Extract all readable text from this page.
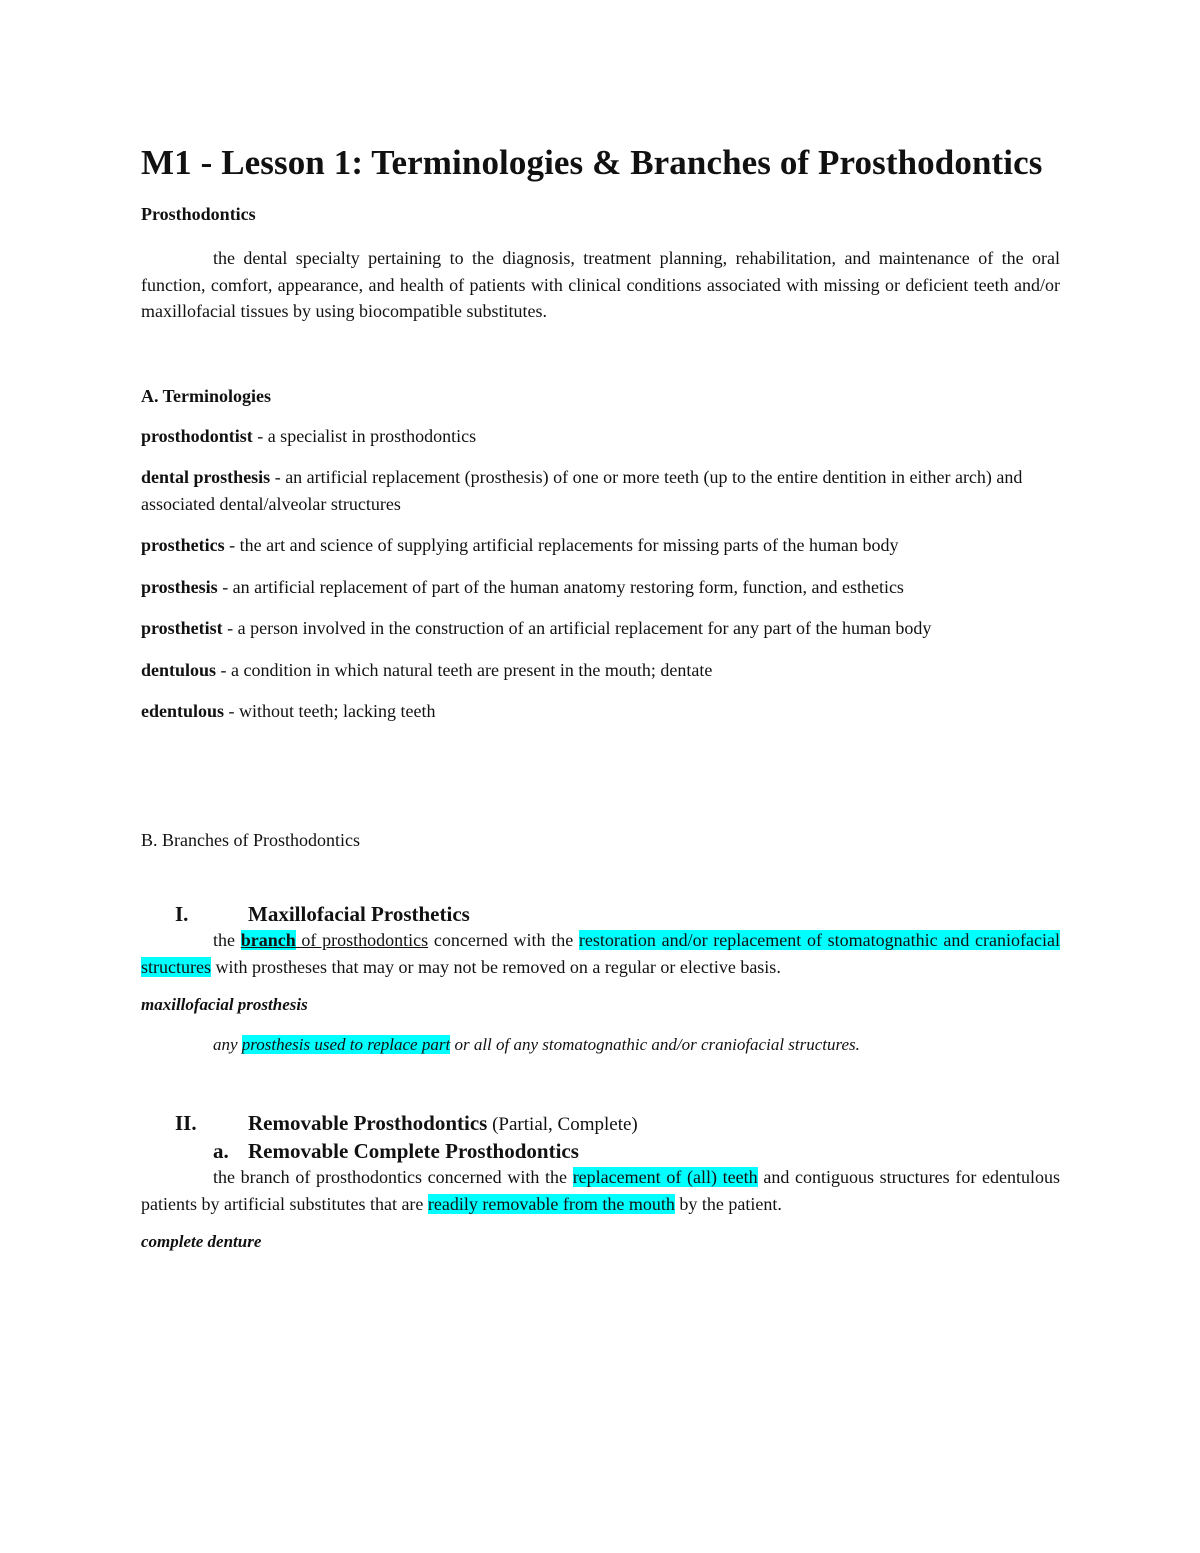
M1 - Lesson 1: Terminologies & Branches of Prosthodontics
Prosthodontics

the dental specialty pertaining to the diagnosis, treatment planning, rehabilitation, and maintenance of the oral function, comfort, appearance, and health of patients with clinical conditions associated with missing or deficient teeth and/or maxillofacial tissues by using biocompatible substitutes.

A. Terminologies

prosthodontist - a specialist in prosthodontics

dental prosthesis - an artificial replacement (prosthesis) of one or more teeth (up to the entire dentition in either arch) and associated dental/alveolar structures

prosthetics - the art and science of supplying artificial replacements for missing parts of the human body

prosthesis - an artificial replacement of part of the human anatomy restoring form, function, and esthetics

prosthetist - a person involved in the construction of an artificial replacement for any part of the human body

dentulous - a condition in which natural teeth are present in the mouth; dentate

edentulous - without teeth; lacking teeth

B. Branches of Prosthodontics

I.	Maxillofacial Prosthetics

the branch of prosthodontics concerned with the restoration and/or replacement of stomatognathic and craniofacial structures with prostheses that may or may not be removed on a regular or elective basis.

maxillofacial prosthesis
any prosthesis used to replace part or all of any stomatognathic and/or craniofacial structures.
II.	Removable Prosthodontics (Partial, Complete)
a. Removable Complete Prosthodontics

the branch of prosthodontics concerned with the replacement of (all) teeth and contiguous structures for edentulous patients by artificial substitutes that are readily removable from the mouth by the patient.

complete denture
